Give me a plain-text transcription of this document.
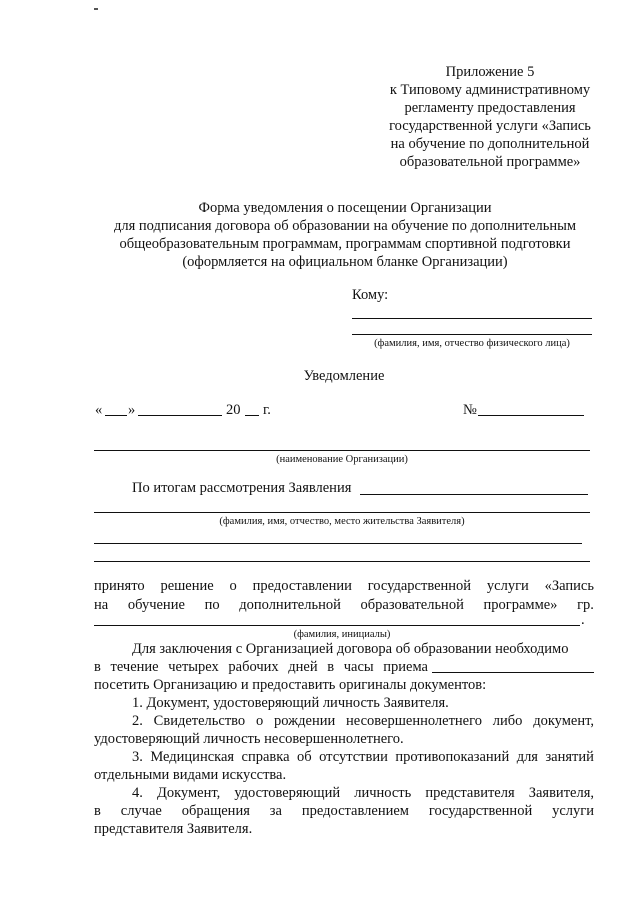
Приложение 5
к Типовому административному
регламенту предоставления
государственной услуги «Запись
на обучение по дополнительной
образовательной программе»
Форма уведомления о посещении Организации
для подписания договора об образовании на обучение по дополнительным
общеобразовательным программам, программам спортивной подготовки
(оформляется на официальном бланке Организации)
Кому:
(фамилия, имя, отчество физического лица)
Уведомление
« »	20 г.	№
(наименование Организации)
По итогам рассмотрения Заявления
(фамилия, имя, отчество, место жительства Заявителя)
принято решение о предоставлении государственной услуги «Запись
на обучение по дополнительной образовательной программе» гр.
.
(фамилия, инициалы)
Для заключения с Организацией договора об образовании необходимо
в течение четырех рабочих дней в часы приема
посетить Организацию и предоставить оригиналы документов:
1. Документ, удостоверяющий личность Заявителя.
2. Свидетельство о рождении несовершеннолетнего либо документ,
удостоверяющий личность несовершеннолетнего.
3. Медицинская справка об отсутствии противопоказаний для занятий
отдельными видами искусства.
4. Документ, удостоверяющий личность представителя Заявителя,
в случае обращения за предоставлением государственной услуги
представителя Заявителя.
